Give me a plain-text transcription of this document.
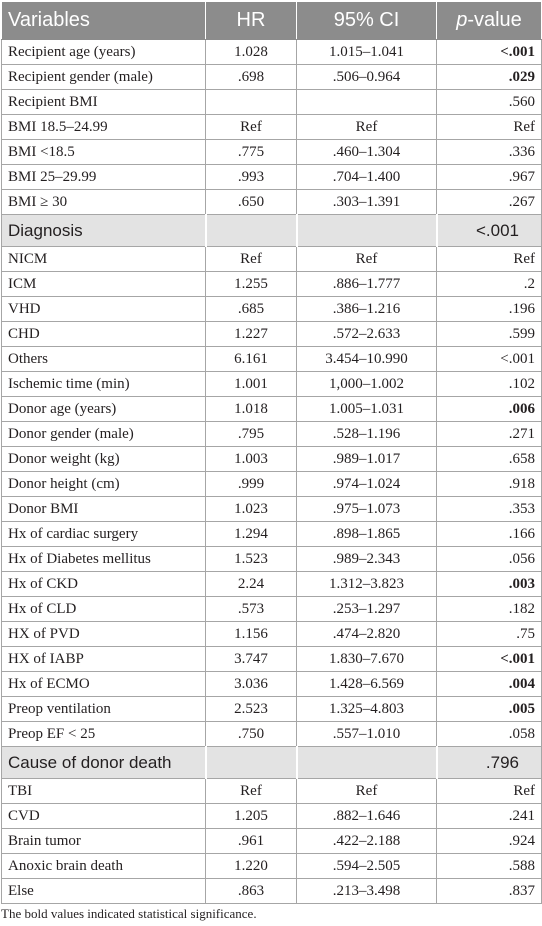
Variables	HR	95% CI	p-value
Recipient age (years)	1.028	1.015–1.041	<.001
Recipient gender (male)	.698	.506–0.964	.029
Recipient BMI			.560
BMI 18.5–24.99	Ref	Ref	Ref
BMI <18.5	.775	.460–1.304	.336
BMI 25–29.99	.993	.704–1.400	.967
BMI ≥ 30	.650	.303–1.391	.267
Diagnosis			<.001
NICM	Ref	Ref	Ref
ICM	1.255	.886–1.777	.2
VHD	.685	.386–1.216	.196
CHD	1.227	.572–2.633	.599
Others	6.161	3.454–10.990	<.001
Ischemic time (min)	1.001	1,000–1.002	.102
Donor age (years)	1.018	1.005–1.031	.006
Donor gender (male)	.795	.528–1.196	.271
Donor weight (kg)	1.003	.989–1.017	.658
Donor height (cm)	.999	.974–1.024	.918
Donor BMI	1.023	.975–1.073	.353
Hx of cardiac surgery	1.294	.898–1.865	.166
Hx of Diabetes mellitus	1.523	.989–2.343	.056
Hx of CKD	2.24	1.312–3.823	.003
Hx of CLD	.573	.253–1.297	.182
HX of PVD	1.156	.474–2.820	.75
HX of IABP	3.747	1.830–7.670	<.001
Hx of ECMO	3.036	1.428–6.569	.004
Preop ventilation	2.523	1.325–4.803	.005
Preop EF < 25	.750	.557–1.010	.058
Cause of donor death			.796
TBI	Ref	Ref	Ref
CVD	1.205	.882–1.646	.241
Brain tumor	.961	.422–2.188	.924
Anoxic brain death	1.220	.594–2.505	.588
Else	.863	.213–3.498	.837
The bold values indicated statistical significance.
